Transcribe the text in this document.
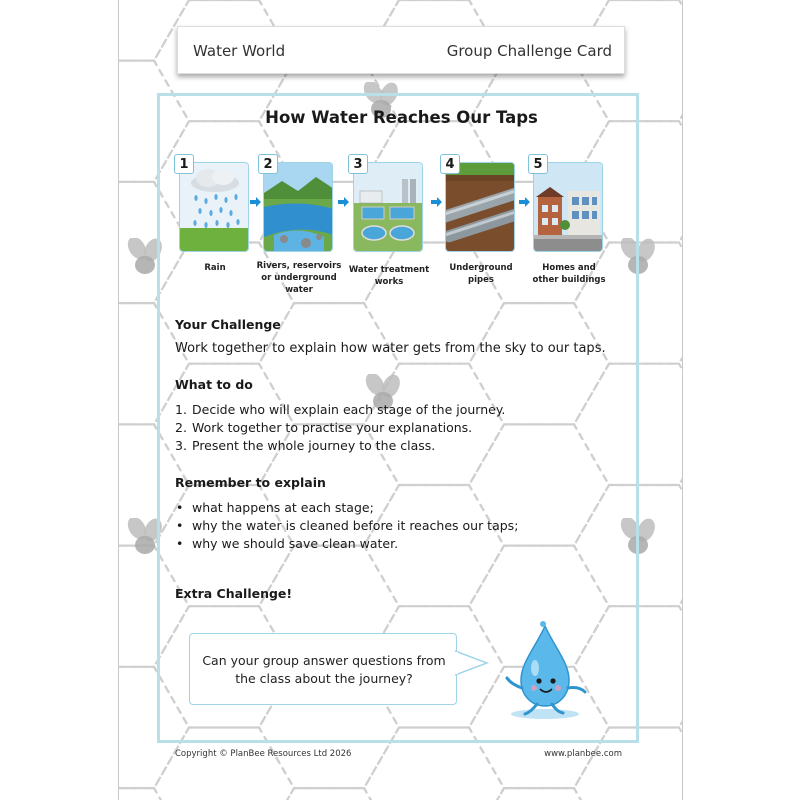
Water World	Group Challenge Card
How Water Reaches Our Taps
1
Rain
2
Rivers, reservoirs
or underground
water
3
Water treatment
works
4
Underground
pipes
5
Homes and
other buildings
Your Challenge
Work together to explain how water gets from the sky to our taps.
What to do
1. Decide who will explain each stage of the journey.
2. Work together to practise your explanations.
3. Present the whole journey to the class.
Remember to explain
• what happens at each stage;
• why the water is cleaned before it reaches our taps;
• why we should save clean water.
Extra Challenge!
Can your group answer questions from
the class about the journey?
Copyright © PlanBee Resources Ltd 2026	www.planbee.com
